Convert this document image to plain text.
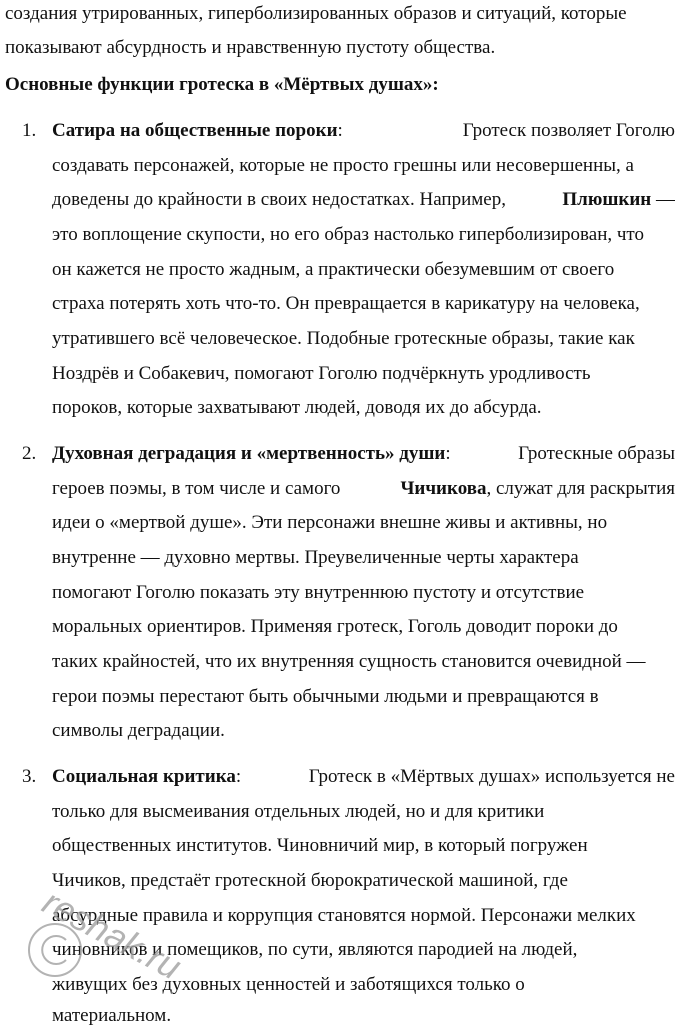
создания утрированных, гиперболизированных образов и ситуаций, которые
показывают абсурдность и нравственную пустоту общества.
Основные функции гротеска в «Мёртвых душах»:
1. Сатира на общественные пороки:	Гротеск позволяет Гоголю
создавать персонажей, которые не просто грешны или несовершенны, а
доведены до крайности в своих недостатках. Например,	Плюшкин —
это воплощение скупости, но его образ настолько гиперболизирован, что
он кажется не просто жадным, а практически обезумевшим от своего
страха потерять хоть что-то. Он превращается в карикатуру на человека,
утратившего всё человеческое. Подобные гротескные образы, такие как
Ноздрёв и Собакевич, помогают Гоголю подчёркнуть уродливость
пороков, которые захватывают людей, доводя их до абсурда.
2. Духовная деградация и «мертвенность» души:	Гротескные образы
героев поэмы, в том числе и самого	Чичикова, служат для раскрытия
идеи о «мертвой душе». Эти персонажи внешне живы и активны, но
внутренне — духовно мертвы. Преувеличенные черты характера
помогают Гоголю показать эту внутреннюю пустоту и отсутствие
моральных ориентиров. Применяя гротеск, Гоголь доводит пороки до
таких крайностей, что их внутренняя сущность становится очевидной —
герои поэмы перестают быть обычными людьми и превращаются в
символы деградации.
3. Социальная критика:	Гротеск в «Мёртвых душах» используется не
только для высмеивания отдельных людей, но и для критики
общественных институтов. Чиновничий мир, в который погружен
Чичиков, предстаёт гротескной бюрократической машиной, где
абсурдные правила и коррупция становятся нормой. Персонажи мелких
чиновников и помещиков, по сути, являются пародией на людей,
живущих без духовных ценностей и заботящихся только о
материальном.
reshak.ru
